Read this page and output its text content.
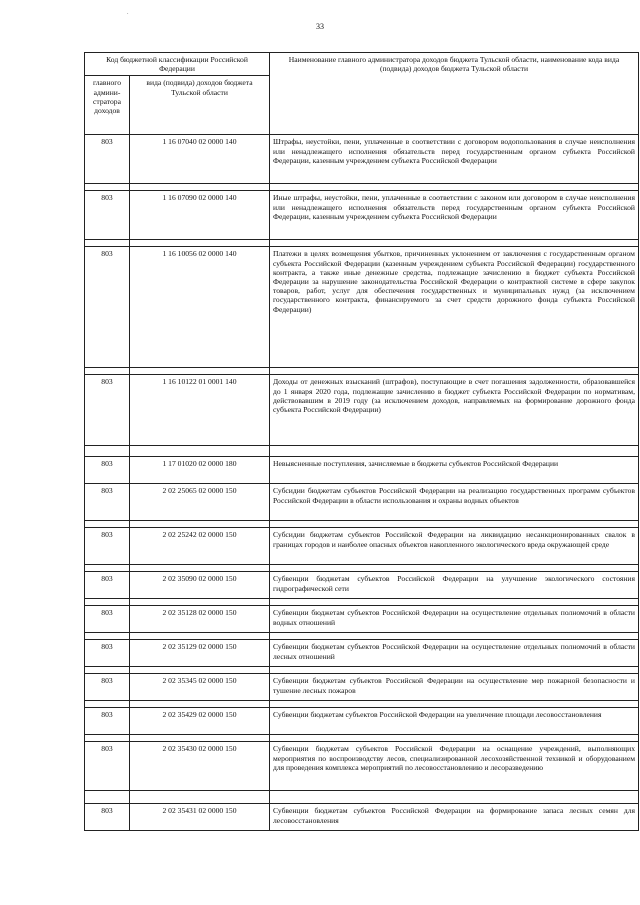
.
33
Код бюджетной классификации Российской Федерации		Наименование главного администратора доходов бюджета Тульской области, наименование кода вида (подвида) доходов бюджета Тульской области
главного админи-стратора доходов	вида (подвида) доходов бюджета Тульской области	
803	1 16 07040 02 0000 140	Штрафы, неустойки, пени, уплаченные в соответствии с договором водопользования в случае неисполнения или ненадлежащего исполнения обязательств перед государственным органом субъекта Российской Федерации, казенным учреждением субъекта Российской Федерации

803	1 16 07090 02 0000 140	Иные штрафы, неустойки, пени, уплаченные в соответствии с законом или договором в случае неисполнения или ненадлежащего исполнения обязательств перед государственным органом субъекта Российской Федерации, казенным учреждением субъекта Российской Федерации

803	1 16 10056 02 0000 140	Платежи в целях возмещения убытков, причиненных уклонением от заключения с государственным органом субъекта Российской Федерации (казенным учреждением субъекта Российской Федерации) государственного контракта, а также иные денежные средства, подлежащие зачислению в бюджет субъекта Российской Федерации за нарушение законодательства Российской Федерации о контрактной системе в сфере закупок товаров, работ, услуг для обеспечения государственных и муниципальных нужд (за исключением государственного контракта, финансируемого за счет средств дорожного фонда субъекта Российской Федерации)

803	1 16 10122 01 0001 140	Доходы от денежных взысканий (штрафов), поступающие в счет погашения задолженности, образовавшейся до 1 января 2020 года, подлежащие зачислению в бюджет субъекта Российской Федерации по нормативам, действовавшим в 2019 году (за исключением доходов, направляемых на формирование дорожного фонда субъекта Российской Федерации)

803	1 17 01020 02 0000 180	Невыясненные поступления, зачисляемые в бюджеты субъектов Российской Федерации
803	2 02 25065 02 0000 150	Субсидии бюджетам субъектов Российской Федерации на реализацию государственных программ субъектов Российской Федерации в области использования и охраны водных объектов

803	2 02 25242 02 0000 150	Субсидии бюджетам субъектов Российской Федерации на ликвидацию несанкционированных свалок в границах городов и наиболее опасных объектов накопленного экологического вреда окружающей среде

803	2 02 35090 02 0000 150	Субвенции бюджетам субъектов Российской Федерации на улучшение экологического состояния гидрографической сети

803	2 02 35128 02 0000 150	Субвенции бюджетам субъектов Российской Федерации на осуществление отдельных полномочий в области водных отношений

803	2 02 35129 02 0000 150	Субвенции бюджетам субъектов Российской Федерации на осуществление отдельных полномочий в области лесных отношений

803	2 02 35345 02 0000 150	Субвенции бюджетам субъектов Российской Федерации на осуществление мер пожарной безопасности и тушение лесных пожаров

803	2 02 35429 02 0000 150	Субвенции бюджетам субъектов Российской Федерации на увеличение площади лесовосстановления

803	2 02 35430 02 0000 150	Субвенции бюджетам субъектов Российской Федерации на оснащение учреждений, выполняющих мероприятия по воспроизводству лесов, специализированной лесохозяйственной техникой и оборудованием для проведения комплекса мероприятий по лесовосстановлению и лесоразведению

803	2 02 35431 02 0000 150	Субвенции бюджетам субъектов Российской Федерации на формирование запаса лесных семян для лесовосстановления
